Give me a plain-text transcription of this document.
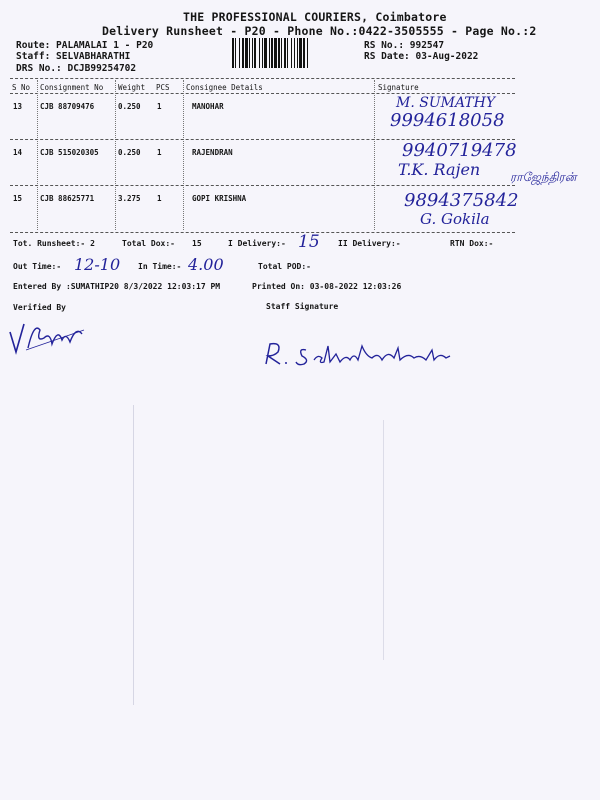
THE PROFESSIONAL COURIERS, Coimbatore
Delivery Runsheet - P20 - Phone No.:0422-3505555 - Page No.:2
Route: PALAMALAI 1 - P20
Staff: SELVABHARATHI
DRS No.: DCJB99254702
RS No.: 992547
RS Date: 03-Aug-2022
S No Consignment No Weight PCS Consignee Details	Signature
13 CJB 88709476	0.250 1	MANOHAR	M. SUMATHY
9994618058
14 CJB 515020305	0.250 1	RAJENDRAN	9940719478
T.K. Rajen ராஜேந்திரன்
15 CJB 88625771	3.275 1	GOPI KRISHNA	9894375842
G. Gokila
Tot. Runsheet:- 2	Total Dox:- 15	I Delivery:- 15 II Delivery:-	RTN Dox:-
Out Time:- 12-10 In Time:- 4.00	Total POD:-
Entered By :SUMATHIP20 8/3/2022 12:03:17 PM	Printed On: 03-08-2022 12:03:26
Verified By	Staff Signature
